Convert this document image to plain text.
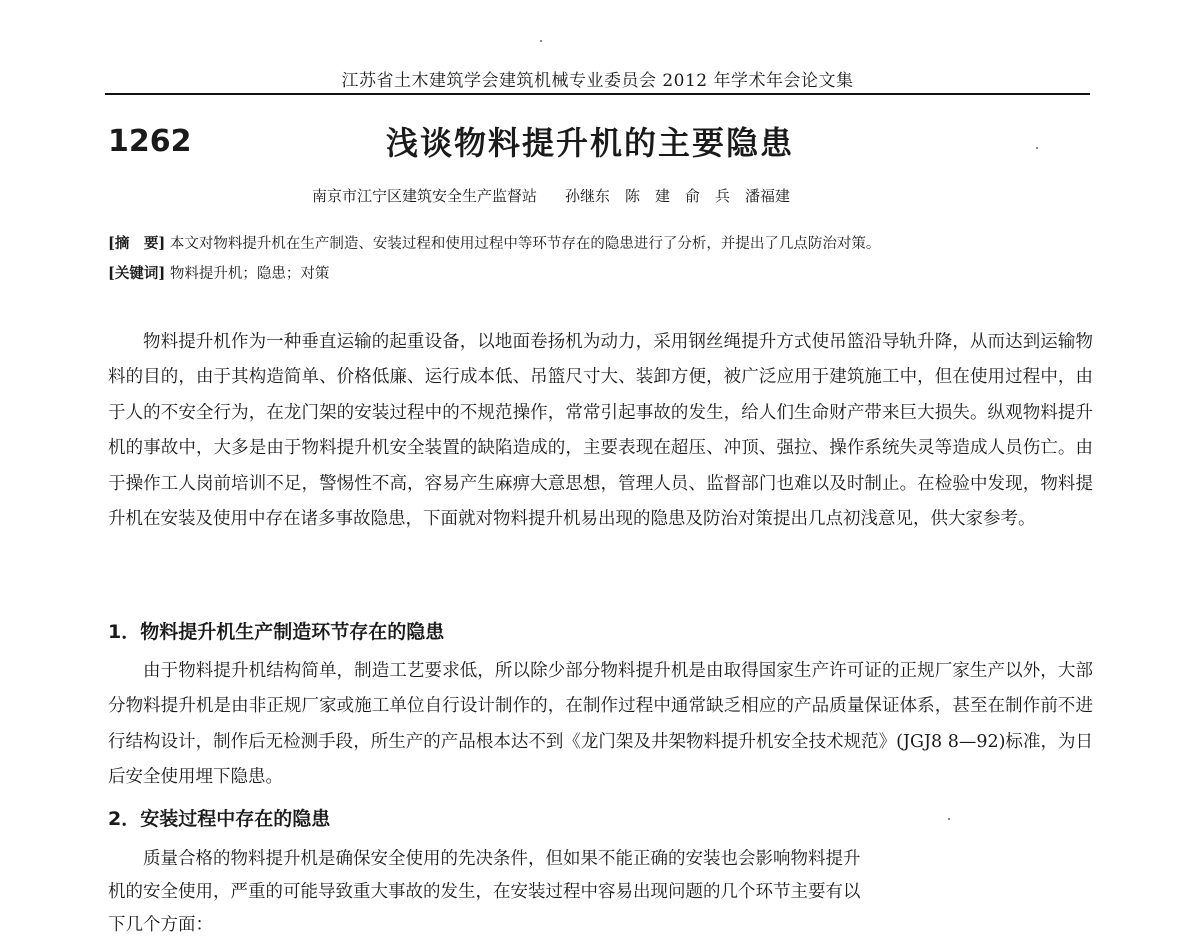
江苏省土木建筑学会建筑机械专业委员会 2012 年学术年会论文集
1262	浅谈物料提升机的主要隐患
南京市江宁区建筑安全生产监督站 孙继东　陈　建　俞　兵　潘福建
[摘　要] 本文对物料提升机在生产制造、安装过程和使用过程中等环节存在的隐患进行了分析，并提出了几点防治对策。
[关键词] 物料提升机；隐患；对策

物料提升机作为一种垂直运输的起重设备，以地面卷扬机为动力，采用钢丝绳提升方式使吊篮沿导轨升降，从而达到运输物料的目的，由于其构造简单、价格低廉、运行成本低、吊篮尺寸大、装卸方便，被广泛应用于建筑施工中，但在使用过程中，由于人的不安全行为，在龙门架的安装过程中的不规范操作，常常引起事故的发生，给人们生命财产带来巨大损失。纵观物料提升机的事故中，大多是由于物料提升机安全装置的缺陷造成的，主要表现在超压、冲顶、强拉、操作系统失灵等造成人员伤亡。由于操作工人岗前培训不足，警惕性不高，容易产生麻痹大意思想，管理人员、监督部门也难以及时制止。在检验中发现，物料提升机在安装及使用中存在诸多事故隐患，下面就对物料提升机易出现的隐患及防治对策提出几点初浅意见，供大家参考。

1．物料提升机生产制造环节存在的隐患

由于物料提升机结构简单，制造工艺要求低，所以除少部分物料提升机是由取得国家生产许可证的正规厂家生产以外，大部分物料提升机是由非正规厂家或施工单位自行设计制作的，在制作过程中通常缺乏相应的产品质量保证体系，甚至在制作前不进行结构设计，制作后无检测手段，所生产的产品根本达不到《龙门架及井架物料提升机安全技术规范》(JGJ8 8—92)标准，为日后安全使用埋下隐患。

2．安装过程中存在的隐患

质量合格的物料提升机是确保安全使用的先决条件，但如果不能正确的安装也会影响物料提升

机的安全使用，严重的可能导致重大事故的发生，在安装过程中容易出现问题的几个环节主要有以

下几个方面：
